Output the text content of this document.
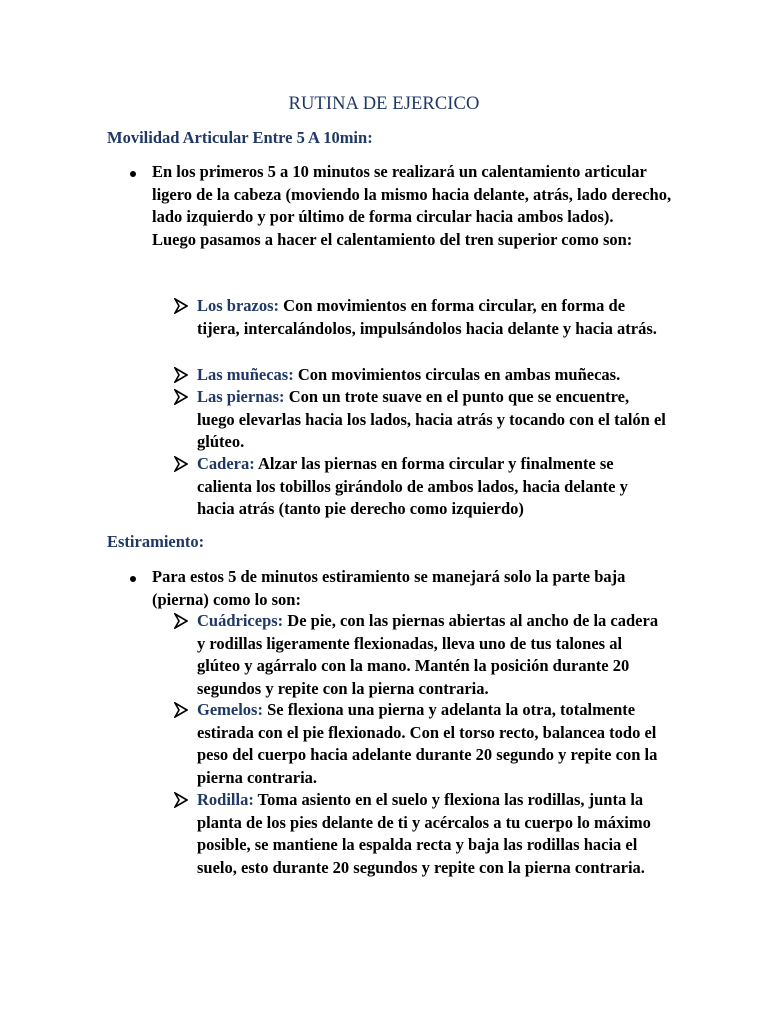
RUTINA DE EJERCICO
Movilidad Articular Entre 5 A 10min:

En los primeros 5 a 10 minutos se realizará un calentamiento articular ligero de la cabeza (moviendo la mismo hacia delante, atrás, lado derecho, lado izquierdo y por último de forma circular hacia ambos lados).

Luego pasamos a hacer el calentamiento del tren superior como son:

Los brazos: Con movimientos en forma circular, en forma de tijera, intercalándolos, impulsándolos hacia delante y hacia atrás.

Las muñecas: Con movimientos circulas en ambas muñecas.

Las piernas: Con un trote suave en el punto que se encuentre, luego elevarlas hacia los lados, hacia atrás y tocando con el talón el glúteo.

Cadera: Alzar las piernas en forma circular y finalmente se calienta los tobillos girándolo de ambos lados, hacia delante y hacia atrás (tanto pie derecho como izquierdo)

Estiramiento:

Para estos 5 de minutos estiramiento se manejará solo la parte baja (pierna) como lo son:

Cuádriceps: De pie, con las piernas abiertas al ancho de la cadera y rodillas ligeramente flexionadas, lleva uno de tus talones al glúteo y agárralo con la mano. Mantén la posición durante 20 segundos y repite con la pierna contraria.

Gemelos: Se flexiona una pierna y adelanta la otra, totalmente estirada con el pie flexionado. Con el torso recto, balancea todo el peso del cuerpo hacia adelante durante 20 segundo y repite con la pierna contraria.

Rodilla: Toma asiento en el suelo y flexiona las rodillas, junta la planta de los pies delante de ti y acércalos a tu cuerpo lo máximo posible, se mantiene la espalda recta y baja las rodillas hacia el suelo, esto durante 20 segundos y repite con la pierna contraria.
